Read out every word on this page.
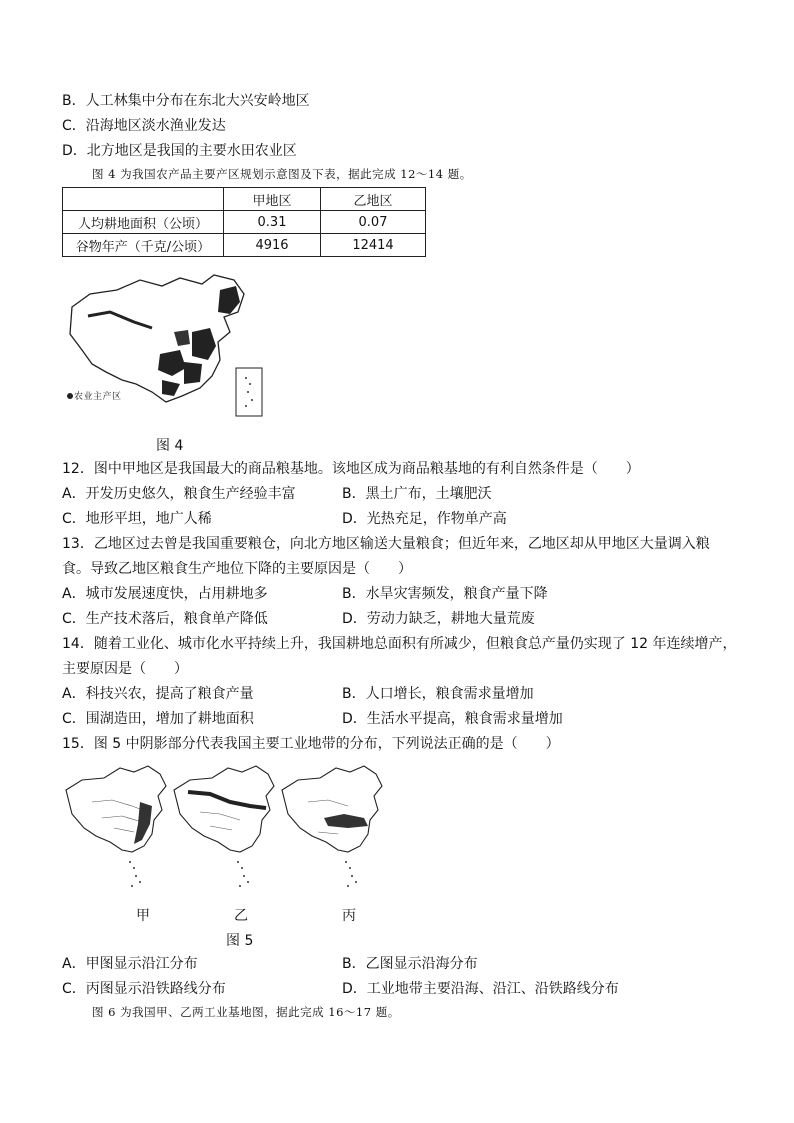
B．人工林集中分布在东北大兴安岭地区
C．沿海地区淡水渔业发达
D．北方地区是我国的主要水田农业区
图 4 为我国农产品主要产区规划示意图及下表，据此完成 12～14 题。
	甲地区	乙地区
人均耕地面积（公顷）	0.31	0.07
谷物年产（千克/公顷）	4916	12414
农业主产区
图 4
12．图中甲地区是我国最大的商品粮基地。该地区成为商品粮基地的有利自然条件是（　　）
A．开发历史悠久，粮食生产经验丰富	B．黑土广布，土壤肥沃
C．地形平坦，地广人稀	D．光热充足，作物单产高
13．乙地区过去曾是我国重要粮仓，向北方地区输送大量粮食；但近年来，乙地区却从甲地区大量调入粮
食。导致乙地区粮食生产地位下降的主要原因是（　　）
A．城市发展速度快，占用耕地多	B．水旱灾害频发，粮食产量下降
C．生产技术落后，粮食单产降低	D．劳动力缺乏，耕地大量荒废
14．随着工业化、城市化水平持续上升，我国耕地总面积有所减少，但粮食总产量仍实现了 12 年连续增产，
主要原因是（　　）
A．科技兴农，提高了粮食产量	B．人口增长，粮食需求量增加
C．围湖造田，增加了耕地面积	D．生活水平提高，粮食需求量增加
15．图 5 中阴影部分代表我国主要工业地带的分布，下列说法正确的是（　　）
甲	乙	丙
图 5
A．甲图显示沿江分布	B．乙图显示沿海分布
C．丙图显示沿铁路线分布	D．工业地带主要沿海、沿江、沿铁路线分布
图 6 为我国甲、乙两工业基地图，据此完成 16～17 题。
